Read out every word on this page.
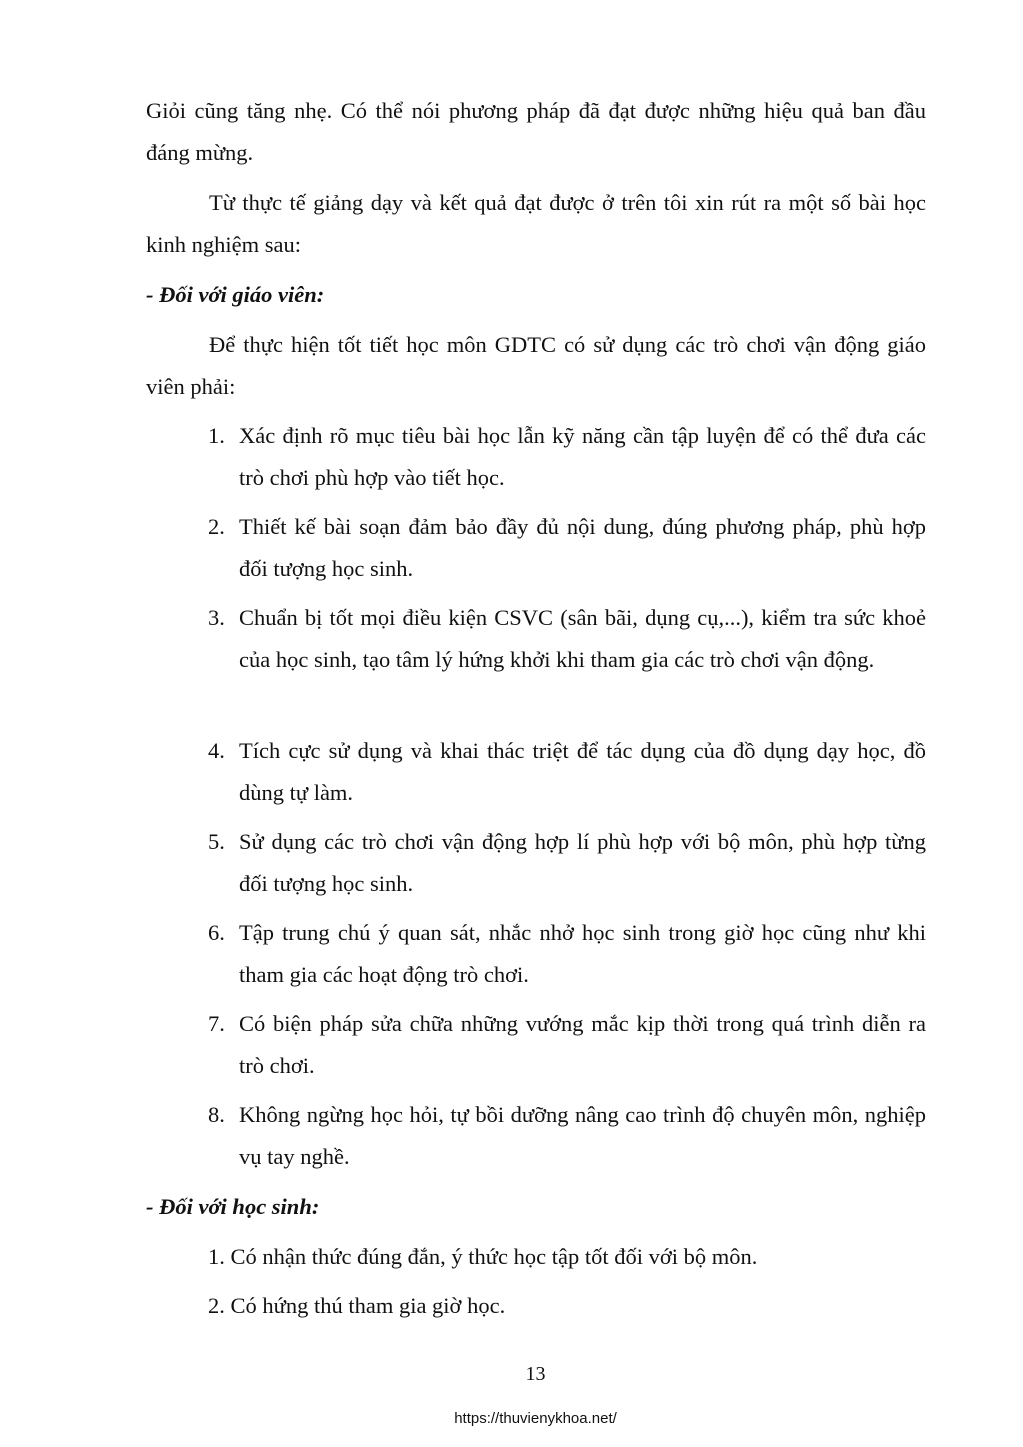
Giỏi cũng tăng nhẹ. Có thể nói phương pháp đã đạt được những hiệu quả ban đầu đáng mừng.

Từ thực tế giảng dạy và kết quả đạt được ở trên tôi xin rút ra một số bài học kinh nghiệm sau:

- Đối với giáo viên:

Để thực hiện tốt tiết học môn GDTC có sử dụng các trò chơi vận động giáo viên phải:

1. Xác định rõ mục tiêu bài học lẫn kỹ năng cần tập luyện để có thể đưa các trò chơi phù hợp vào tiết học.
2. Thiết kế bài soạn đảm bảo đầy đủ nội dung, đúng phương pháp, phù hợp đối tượng học sinh.
3. Chuẩn bị tốt mọi điều kiện CSVC (sân bãi, dụng cụ,...), kiểm tra sức khoẻ của học sinh, tạo tâm lý hứng khởi khi tham gia các trò chơi vận động.
4. Tích cực sử dụng và khai thác triệt để tác dụng của đồ dụng dạy học, đồ dùng tự làm.
5. Sử dụng các trò chơi vận động hợp lí phù hợp với bộ môn, phù hợp từng đối tượng học sinh.
6. Tập trung chú ý quan sát, nhắc nhở học sinh trong giờ học cũng như khi tham gia các hoạt động trò chơi.
7. Có biện pháp sửa chữa những vướng mắc kịp thời trong quá trình diễn ra trò chơi.
8. Không ngừng học hỏi, tự bồi dưỡng nâng cao trình độ chuyên môn, nghiệp vụ tay nghề.

- Đối với học sinh:

1. Có nhận thức đúng đắn, ý thức học tập tốt đối với bộ môn.

2. Có hứng thú tham gia giờ học.

13
https://thuvienykhoa.net/
